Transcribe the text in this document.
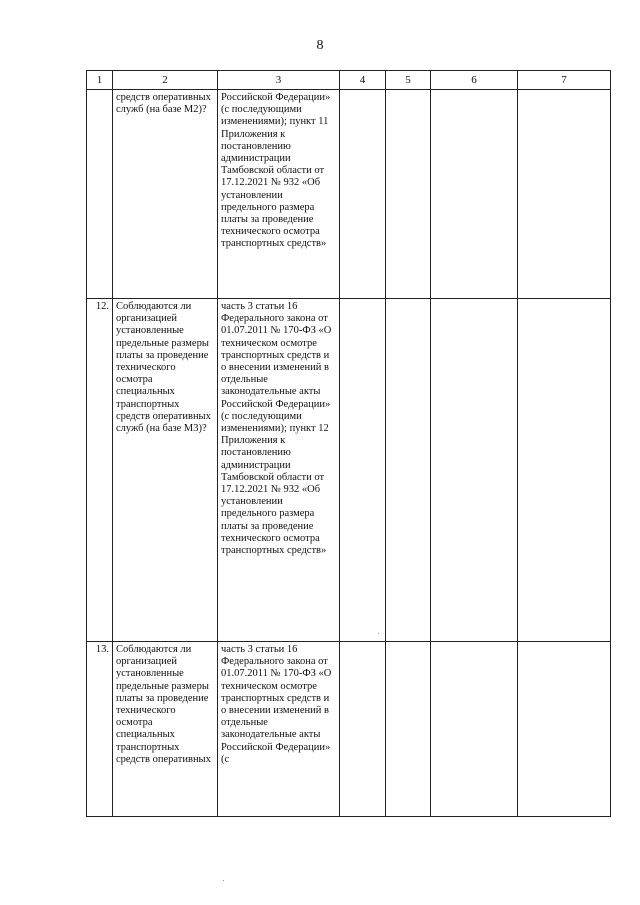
8
1	2	3	4	5	6	7
	средств оперативных служб (на базе М2)?	Российской Федерации» (с последующими изменениями); пункт 11 Приложения к постановлению администрации Тамбовской области от 17.12.2021 № 932 «Об установлении предельного размера платы за проведение технического осмотра транспортных средств»				
12.	Соблюдаются ли организацией установленные предельные размеры платы за проведение технического осмотра специальных транспортных средств оперативных служб (на базе М3)?	часть 3 статьи 16 Федерального закона от 01.07.2011 № 170-ФЗ «О техническом осмотре транспортных средств и о внесении изменений в отдельные законодательные акты Российской Федерации» (с последующими изменениями); пункт 12 Приложения к постановлению администрации Тамбовской области от 17.12.2021 № 932 «Об установлении предельного размера платы за проведение технического осмотра транспортных средств»				
13.	Соблюдаются ли организацией установленные предельные размеры платы за проведение технического осмотра специальных транспортных средств оперативных	часть 3 статьи 16 Федерального закона от 01.07.2011 № 170-ФЗ «О техническом осмотре транспортных средств и о внесении изменений в отдельные законодательные акты Российской Федерации» (с				
